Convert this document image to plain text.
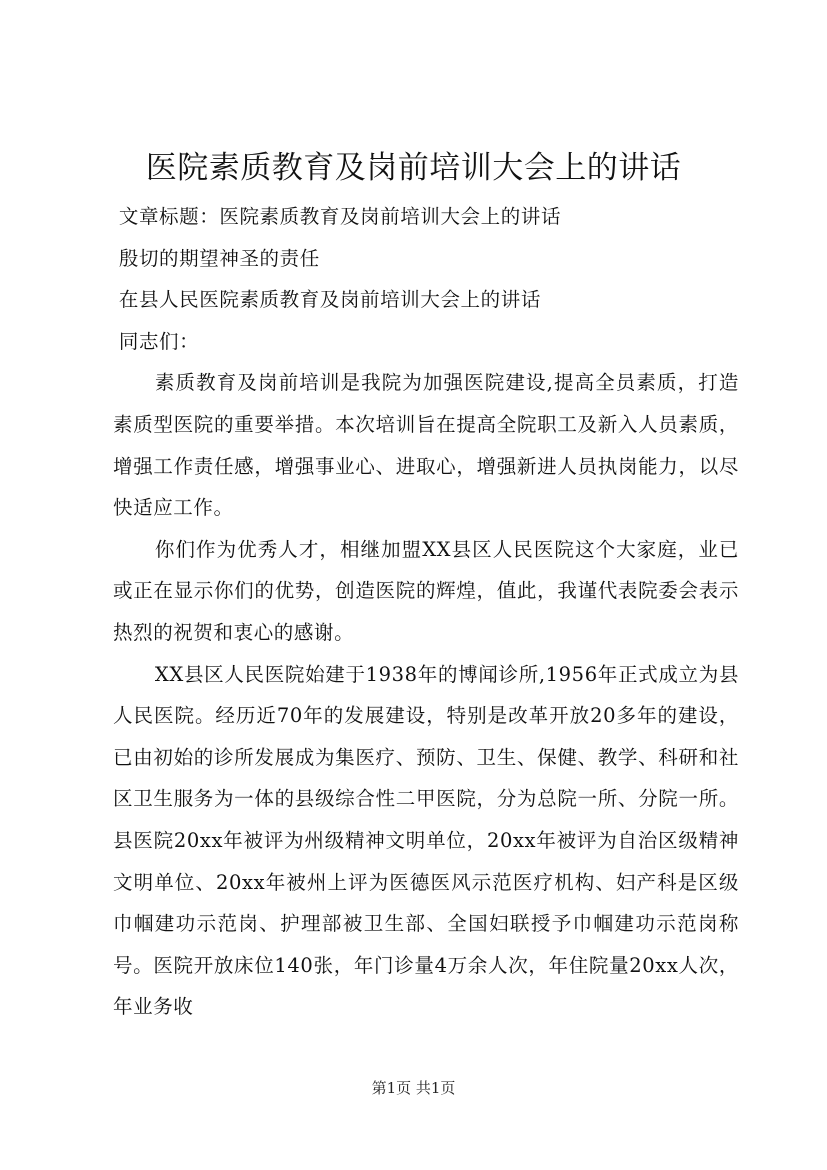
医院素质教育及岗前培训大会上的讲话

文章标题：医院素质教育及岗前培训大会上的讲话

殷切的期望神圣的责任

在县人民医院素质教育及岗前培训大会上的讲话

同志们：

素质教育及岗前培训是我院为加强医院建设,提高全员素质，打造素质型医院的重要举措。本次培训旨在提高全院职工及新入人员素质，增强工作责任感，增强事业心、进取心，增强新进人员执岗能力，以尽快适应工作。

你们作为优秀人才，相继加盟XX县区人民医院这个大家庭，业已或正在显示你们的优势，创造医院的辉煌，值此，我谨代表院委会表示热烈的祝贺和衷心的感谢。

XX县区人民医院始建于1938年的博闻诊所,1956年正式成立为县人民医院。经历近70年的发展建设，特别是改革开放20多年的建设，已由初始的诊所发展成为集医疗、预防、卫生、保健、教学、科研和社区卫生服务为一体的县级综合性二甲医院，分为总院一所、分院一所。县医院20xx年被评为州级精神文明单位，20xx年被评为自治区级精神文明单位、20xx年被州上评为医德医风示范医疗机构、妇产科是区级巾帼建功示范岗、护理部被卫生部、全国妇联授予巾帼建功示范岗称号。医院开放床位140张，年门诊量4万余人次，年住院量20xx人次，年业务收

第1页 共1页
